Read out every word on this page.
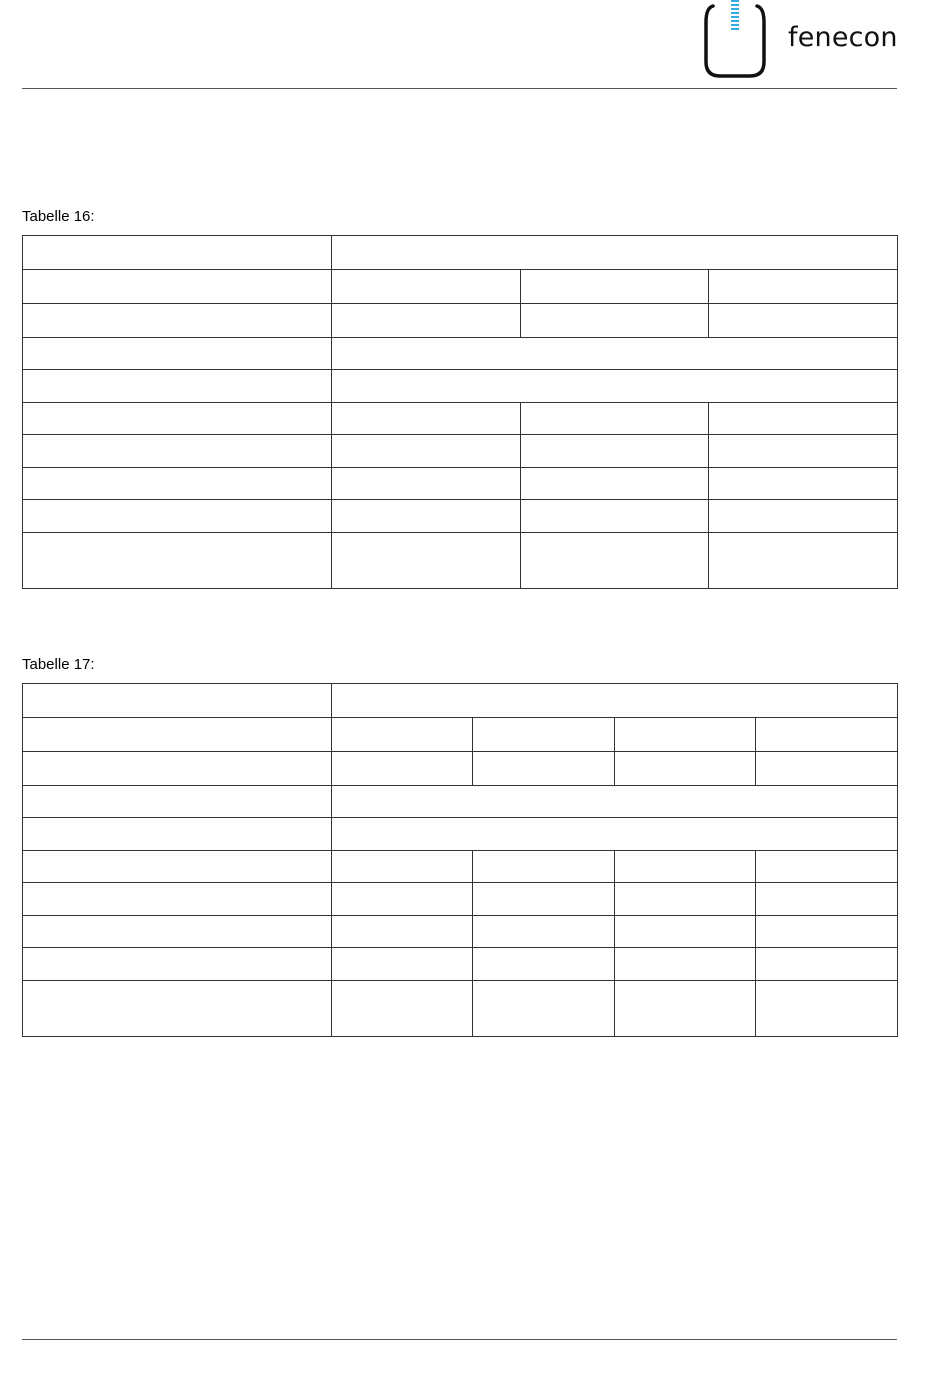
fenecon
Tabelle 16:

Tabelle 17:
